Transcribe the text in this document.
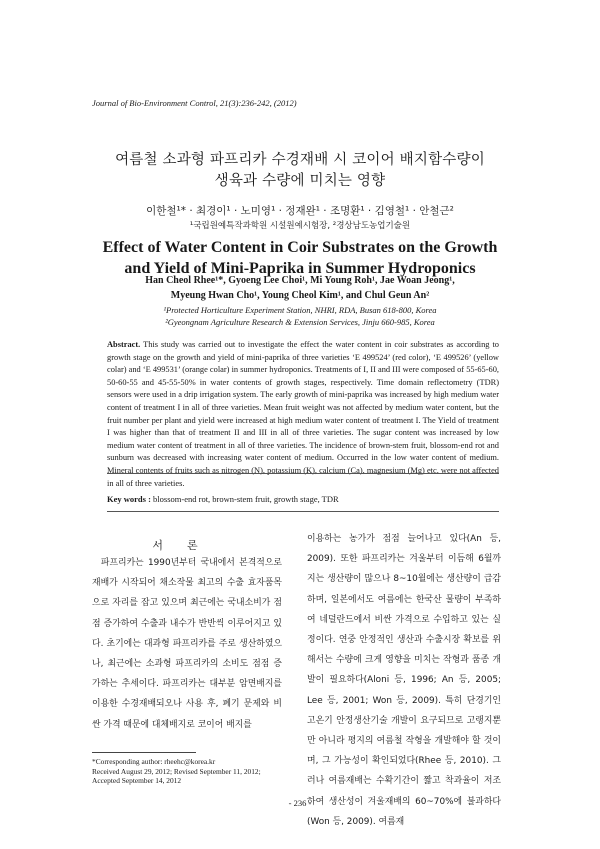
Journal of Bio-Environment Control, 21(3):236-242, (2012)
여름철 소과형 파프리카 수경재배 시 코이어 배지함수량이
생육과 수량에 미치는 영향
이한철¹* · 최경이¹ · 노미영¹ · 정재완¹ · 조명환¹ · 김영철¹ · 안철근²
¹국립원예특작과학원 시설원예시험장, ²경상남도농업기술원
Effect of Water Content in Coir Substrates on the Growth
and Yield of Mini-Paprika in Summer Hydroponics
Han Cheol Rhee¹*, Gyoeng Lee Choi¹, Mi Young Roh¹, Jae Woan Jeong¹,
Myeung Hwan Cho¹, Young Cheol Kim¹, and Chul Geun An²
¹Protected Horticulture Experiment Station, NHRI, RDA, Busan 618-800, Korea
²Gyeongnam Agriculture Research & Extension Services, Jinju 660-985, Korea
Abstract. This study was carried out to investigate the effect the water content in coir substrates as according to growth stage on the growth and yield of mini-paprika of three varieties ‘E 499524’ (red color), ‘E 499526’ (yellow colar) and ‘E 499531’ (orange colar) in summer hydroponics. Treatments of I, II and III were composed of 55-65-60, 50-60-55 and 45-55-50% in water contents of growth stages, respectively. Time domain reflectometry (TDR) sensors were used in a drip irrigation system. The early growth of mini-paprika was increased by high medium water content of treatment I in all of three varieties. Mean fruit weight was not affected by medium water content, but the fruit number per plant and yield were increased at high medium water content of treatment I. The Yield of treatment I was higher than that of treatment II and III in all of three varieties. The sugar content was increased by low medium water content of treatment in all of three varieties. The incidence of brown-stem fruit, blossom-end rot and sunburn was decreased with increasing water content of medium. Occurred in the low water content of medium. Mineral contents of fruits such as nitrogen (N), potassium (K), calcium (Ca), magnesium (Mg) etc. were not affected in all of three varieties.
Key words : blossom-end rot, brown-stem fruit, growth stage, TDR
서론

파프리카는 1990년부터 국내에서 본격적으로 재배가 시작되어 채소작물 최고의 수출 효자품목으로 자리를 잡고 있으며 최근에는 국내소비가 점점 증가하여 수출과 내수가 반반씩 이루어지고 있다. 초기에는 대과형 파프리카를 주로 생산하였으나, 최근에는 소과형 파프리카의 소비도 점점 증가하는 추세이다. 파프리카는 대부분 암면배지를 이용한 수경재배되오나 사용 후, 폐기 문제와 비싼 가격 때문에 대체배지로 코이어 배지를

이용하는 농가가 점점 늘어나고 있다(An 등, 2009). 또한 파프리카는 겨울부터 이듬해 6월까지는 생산량이 많으나 8~10월에는 생산량이 급감하며, 일본에서도 여름에는 한국산 물량이 부족하여 네덜란드에서 비싼 가격으로 수입하고 있는 실정이다. 연중 안정적인 생산과 수출시장 확보를 위해서는 수량에 크게 영향을 미치는 작형과 품종 개발이 필요하다(Aloni 등, 1996; An 등, 2005; Lee 등, 2001; Won 등, 2009). 특히 단경기인 고온기 안정생산기술 개발이 요구되므로 고랭지뿐만 아니라 평지의 여름철 작형을 개발해야 할 것이며, 그 가능성이 확인되었다(Rhee 등, 2010). 그러나 여름재배는 수확기간이 짧고 착과율이 저조하여 생산성이 겨울재배의 60~70%에 불과하다(Won 등, 2009). 여름재

*Corresponding author: rheehc@korea.kr
Received August 29, 2012; Revised September 11, 2012;
Accepted September 14, 2012
- 236 -
